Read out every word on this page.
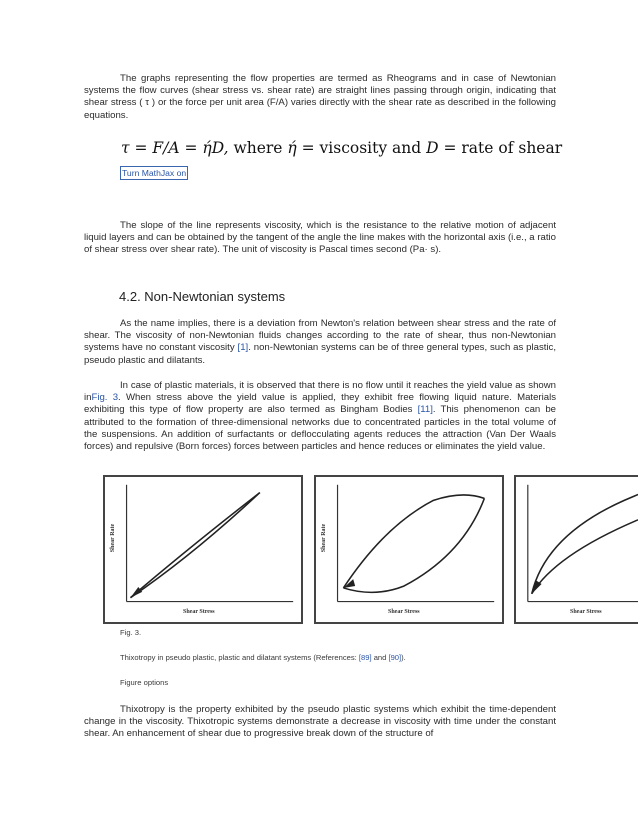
The graphs representing the flow properties are termed as Rheograms and in case of Newtonian systems the flow curves (shear stress vs. shear rate) are straight lines passing through origin, indicating that shear stress ( τ ) or the force per unit area (F/A) varies directly with the shear rate as described in the following equations.

τ = F/A = ήD, where ή = viscosity and D = rate of shear
Turn MathJax on

The slope of the line represents viscosity, which is the resistance to the relative motion of adjacent liquid layers and can be obtained by the tangent of the angle the line makes with the horizontal axis (i.e., a ratio of shear stress over shear rate). The unit of viscosity is Pascal times second (Pa· s).

4.2. Non-Newtonian systems

As the name implies, there is a deviation from Newton's relation between shear stress and the rate of shear. The viscosity of non-Newtonian fluids changes according to the rate of shear, thus non-Newtonian systems have no constant viscosity [1]. non-Newtonian systems can be of three general types, such as plastic, pseudo plastic and dilatants.

In case of plastic materials, it is observed that there is no flow until it reaches the yield value as shown inFig. 3. When stress above the yield value is applied, they exhibit free flowing liquid nature. Materials exhibiting this type of flow property are also termed as Bingham Bodies [11]. This phenomenon can be attributed to the formation of three-dimensional networks due to concentrated particles in the total volume of the suspensions. An addition of surfactants or deflocculating agents reduces the attraction (Van Der Waals forces) and repulsive (Born forces) forces between particles and hence reduces or eliminates the yield value.

Shear Rate
Shear Stress
Shear Rate
Shear Stress	Shear Stress

Fig. 3.

Thixotropy in pseudo plastic, plastic and dilatant systems (References: [89] and [90]).

Figure options

Thixotropy is the property exhibited by the pseudo plastic systems which exhibit the time-dependent change in the viscosity. Thixotropic systems demonstrate a decrease in viscosity with time under the constant shear. An enhancement of shear due to progressive break down of the structure of
